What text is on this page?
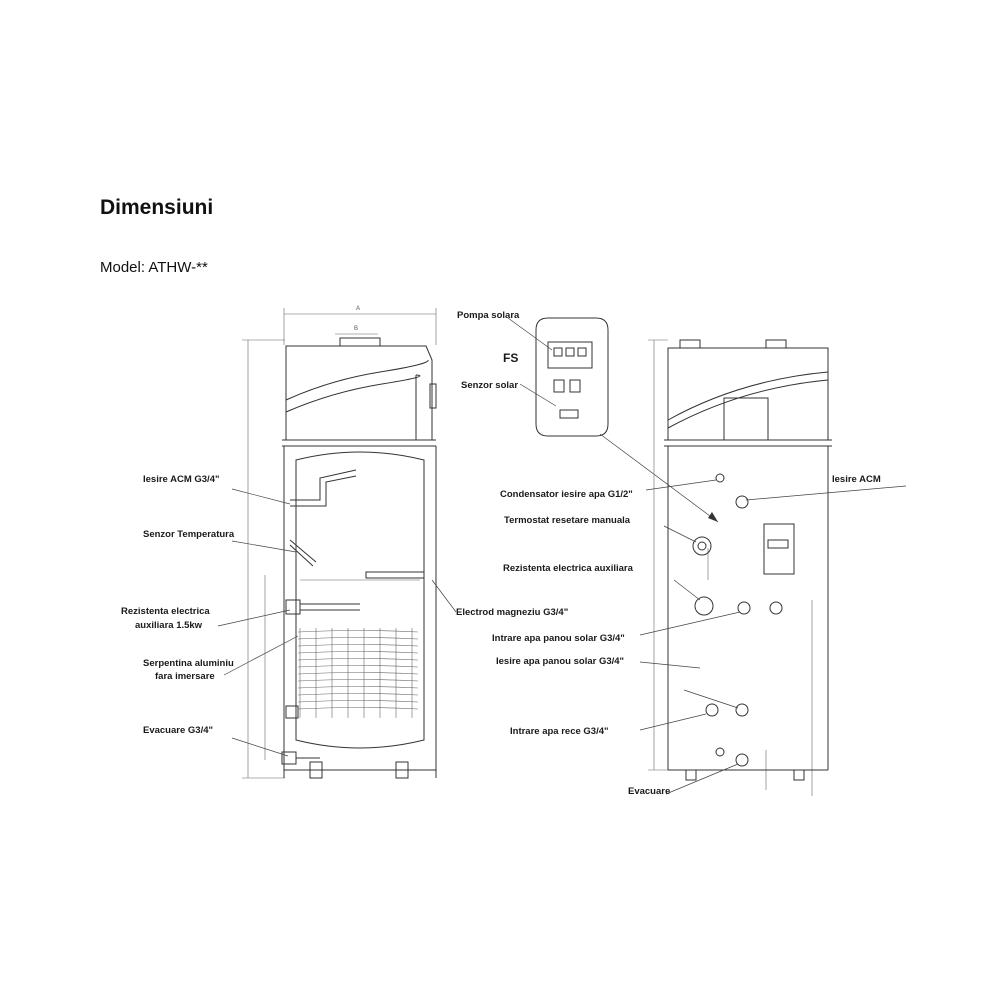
Dimensiuni
Model: ATHW-**
A
B
Iesire ACM G3/4"
Senzor Temperatura
Rezistenta electrica
auxiliara 1.5kw
Serpentina aluminiu
fara imersare
Evacuare G3/4"
Electrod magneziu G3/4"
Pompa solara
FS
Senzor solar
Condensator iesire apa G1/2"
Termostat resetare manuala
Rezistenta electrica auxiliara
Intrare apa panou solar G3/4"
Iesire apa panou solar G3/4"
Intrare apa rece G3/4"
Evacuare
Iesire ACM
